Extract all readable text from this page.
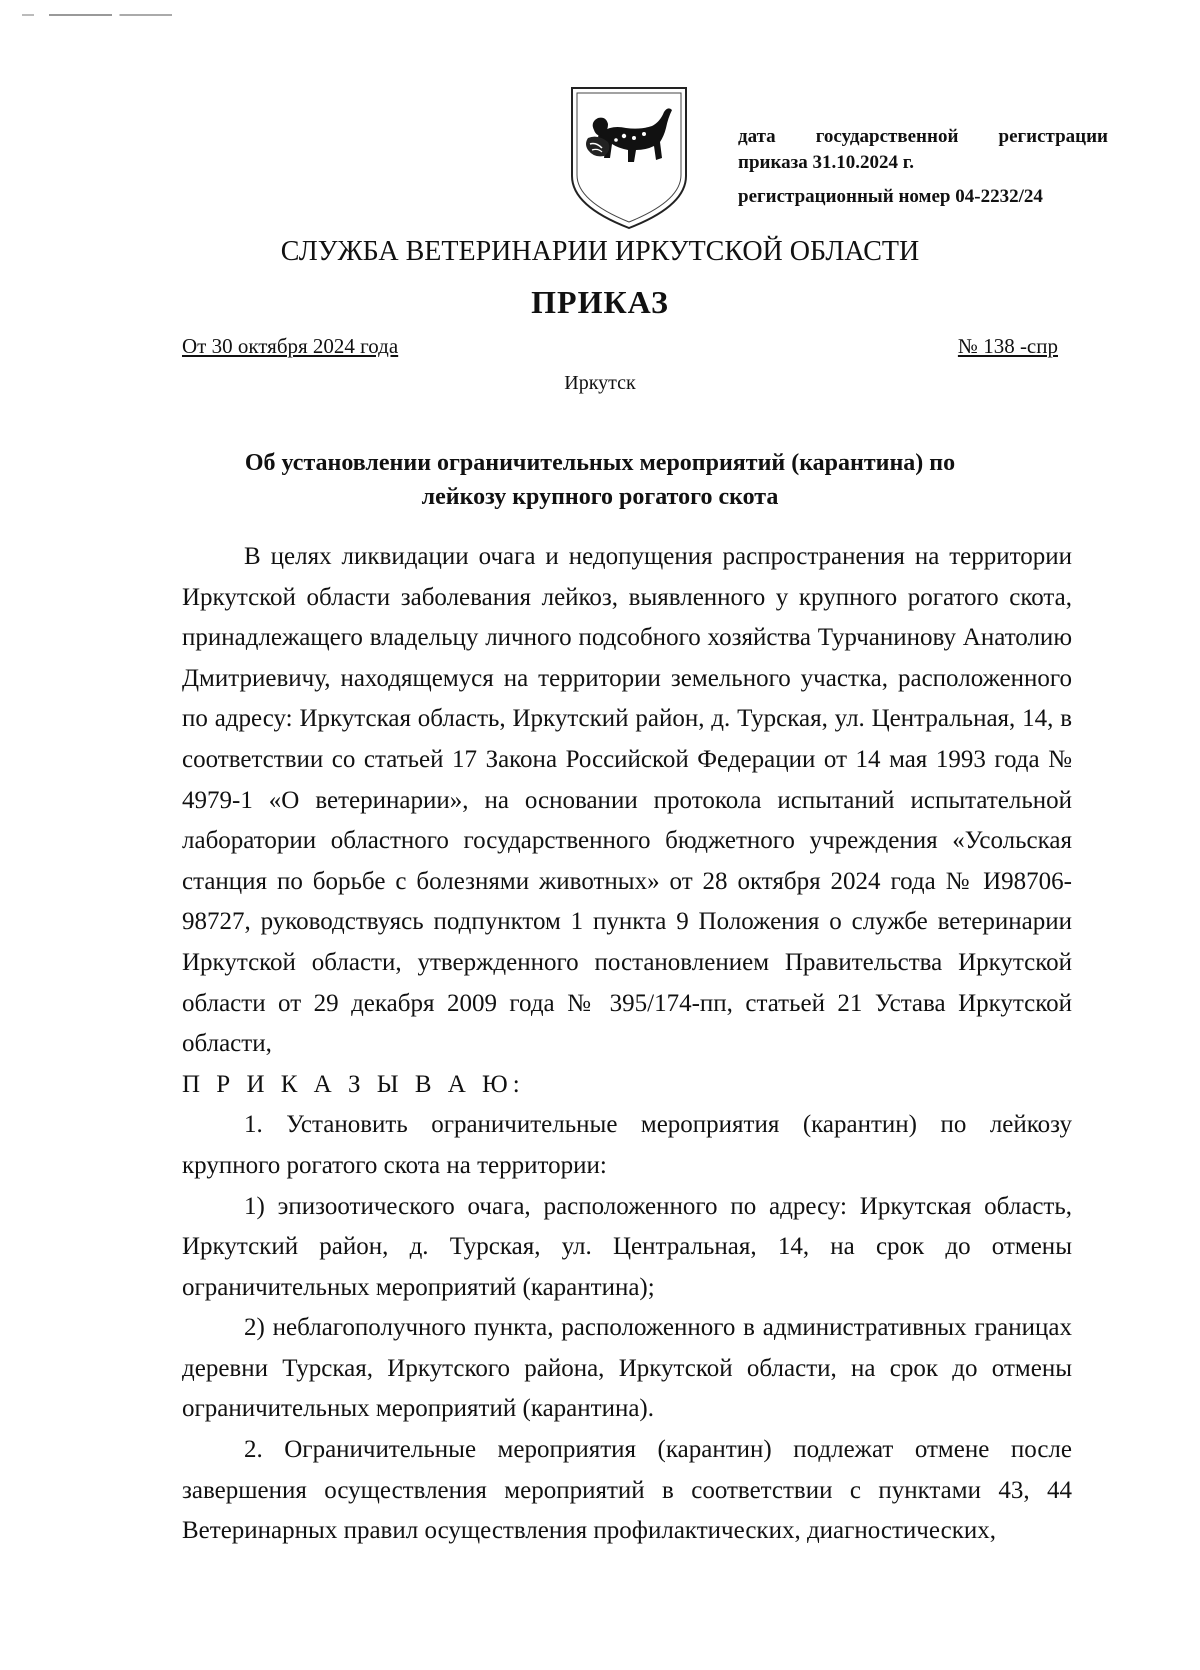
дата государственной регистрации
приказа 31.10.2024 г.
регистрационный номер 04-2232/24
СЛУЖБА ВЕТЕРИНАРИИ ИРКУТСКОЙ ОБЛАСТИ
ПРИКАЗ
От 30 октября 2024 года	№ 138 -спр
Иркутск
Об установлении ограничительных мероприятий (карантина) по
лейкозу крупного рогатого скота

В целях ликвидации очага и недопущения распространения на территории Иркутской области заболевания лейкоз, выявленного у крупного рогатого скота, принадлежащего владельцу личного подсобного хозяйства Турчанинову Анатолию Дмитриевичу, находящемуся на территории земельного участка, расположенного по адресу: Иркутская область, Иркутский район, д. Турская, ул. Центральная, 14, в соответствии со статьей 17 Закона Российской Федерации от 14 мая 1993 года № 4979-1 «О ветеринарии», на основании протокола испытаний испытательной лаборатории областного государственного бюджетного учреждения «Усольская станция по борьбе с болезнями животных» от 28 октября 2024 года № И98706-98727, руководствуясь подпунктом 1 пункта 9 Положения о службе ветеринарии Иркутской области, утвержденного постановлением Правительства Иркутской области от 29 декабря 2009 года № 395/174-пп, статьей 21 Устава Иркутской области,

П Р И К А З Ы В А Ю:

1. Установить ограничительные мероприятия (карантин) по лейкозу крупного рогатого скота на территории:

1) эпизоотического очага, расположенного по адресу: Иркутская область, Иркутский район, д. Турская, ул. Центральная, 14, на срок до отмены ограничительных мероприятий (карантина);

2) неблагополучного пункта, расположенного в административных границах деревни Турская, Иркутского района, Иркутской области, на срок до отмены ограничительных мероприятий (карантина).

2. Ограничительные мероприятия (карантин) подлежат отмене после завершения осуществления мероприятий в соответствии с пунктами 43, 44 Ветеринарных правил осуществления профилактических, диагностических,
